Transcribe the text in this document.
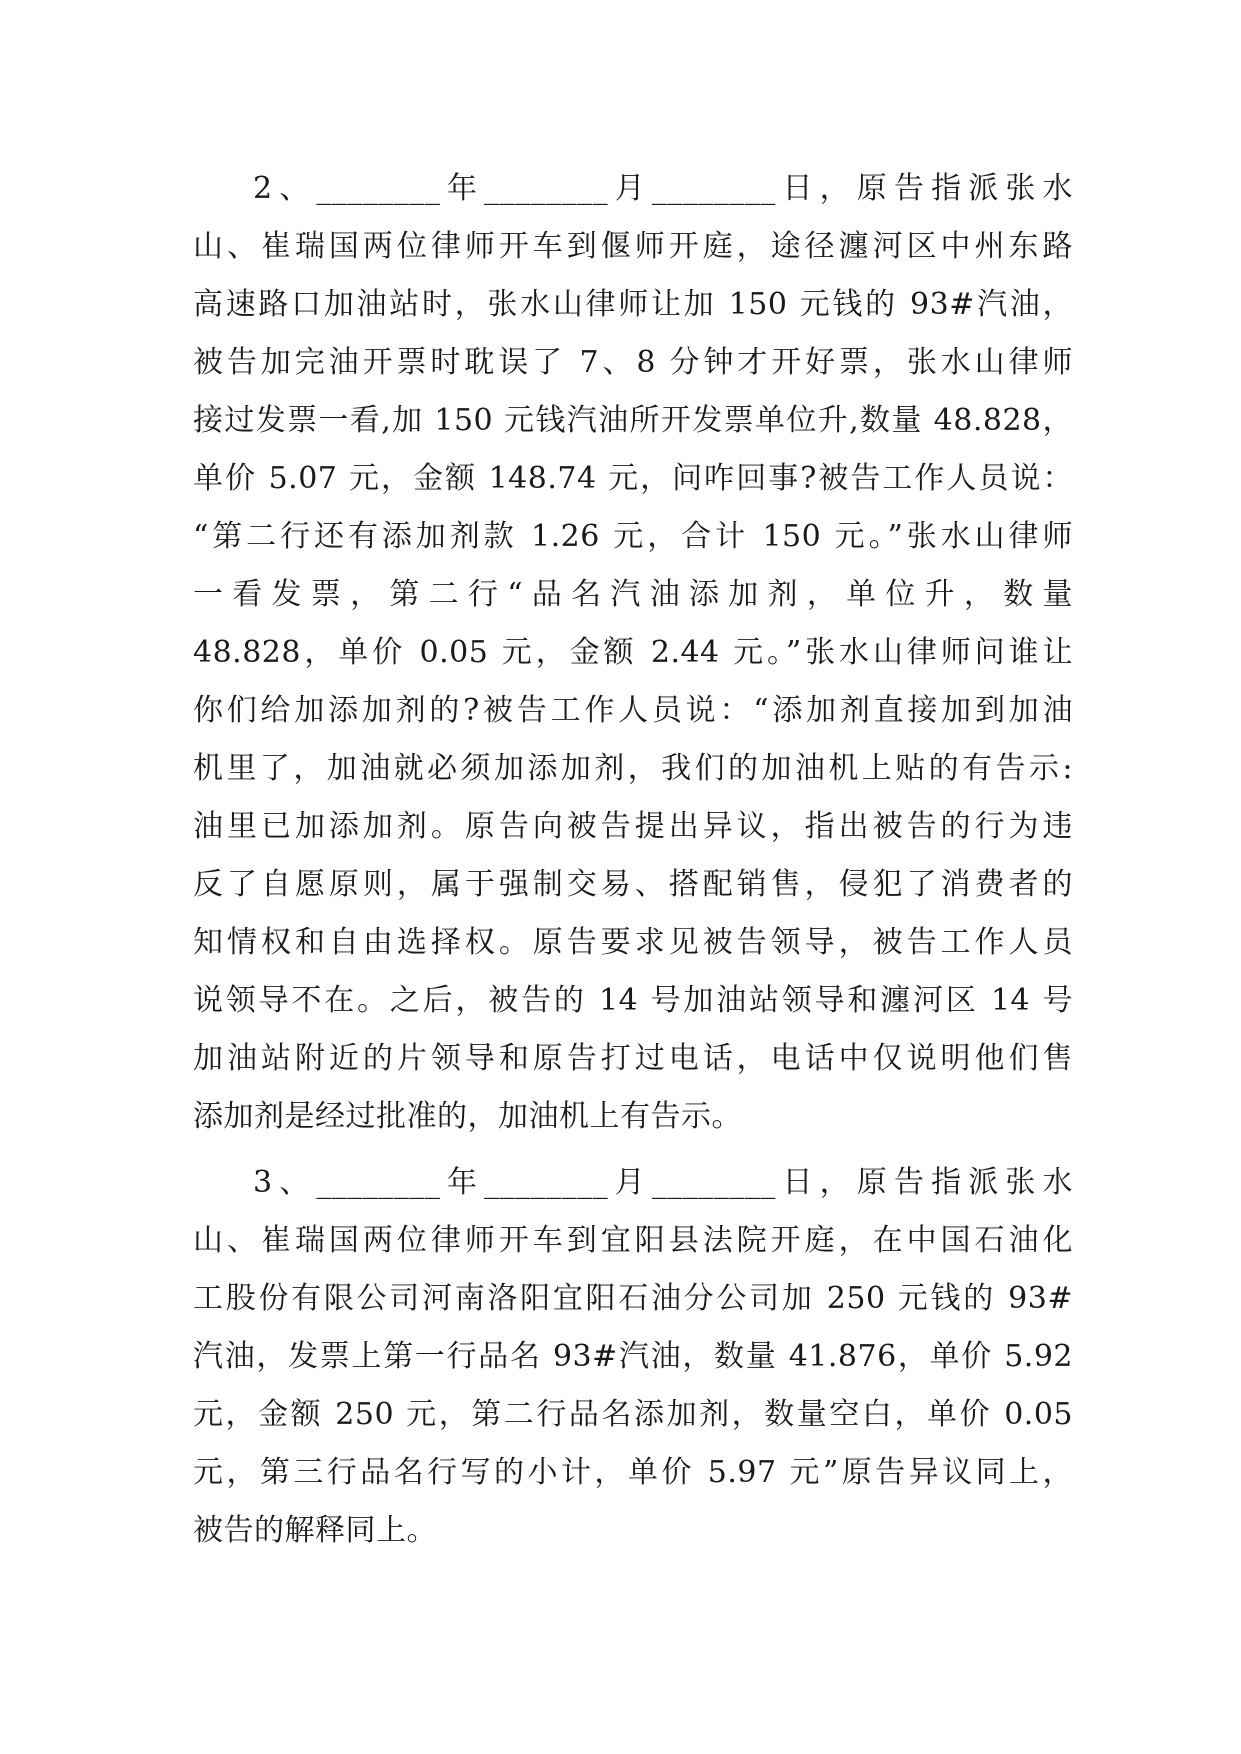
2、________年________月________日，原告指派张水
山、崔瑞国两位律师开车到偃师开庭，途径瀍河区中州东路
高速路口加油站时，张水山律师让加 150 元钱的 93#汽油，
被告加完油开票时耽误了 7、8 分钟才开好票，张水山律师
接过发票一看,加 150 元钱汽油所开发票单位升,数量 48.828，
单价 5.07 元，金额 148.74 元，问咋回事?被告工作人员说：
“第二行还有添加剂款 1.26 元，合计 150 元。”张水山律师
一看发票，第二行“品名汽油添加剂，单位升，数量
48.828，单价 0.05 元，金额 2.44 元。”张水山律师问谁让
你们给加添加剂的?被告工作人员说：“添加剂直接加到加油
机里了，加油就必须加添加剂，我们的加油机上贴的有告示:
油里已加添加剂。原告向被告提出异议，指出被告的行为违
反了自愿原则，属于强制交易、搭配销售，侵犯了消费者的
知情权和自由选择权。原告要求见被告领导，被告工作人员
说领导不在。之后，被告的 14 号加油站领导和瀍河区 14 号
加油站附近的片领导和原告打过电话，电话中仅说明他们售
添加剂是经过批准的，加油机上有告示。
3、________年________月________日，原告指派张水
山、崔瑞国两位律师开车到宜阳县法院开庭，在中国石油化
工股份有限公司河南洛阳宜阳石油分公司加 250 元钱的 93#
汽油，发票上第一行品名 93#汽油，数量 41.876，单价 5.92
元，金额 250 元，第二行品名添加剂，数量空白，单价 0.05
元，第三行品名行写的小计，单价 5.97 元”原告异议同上，
被告的解释同上。
